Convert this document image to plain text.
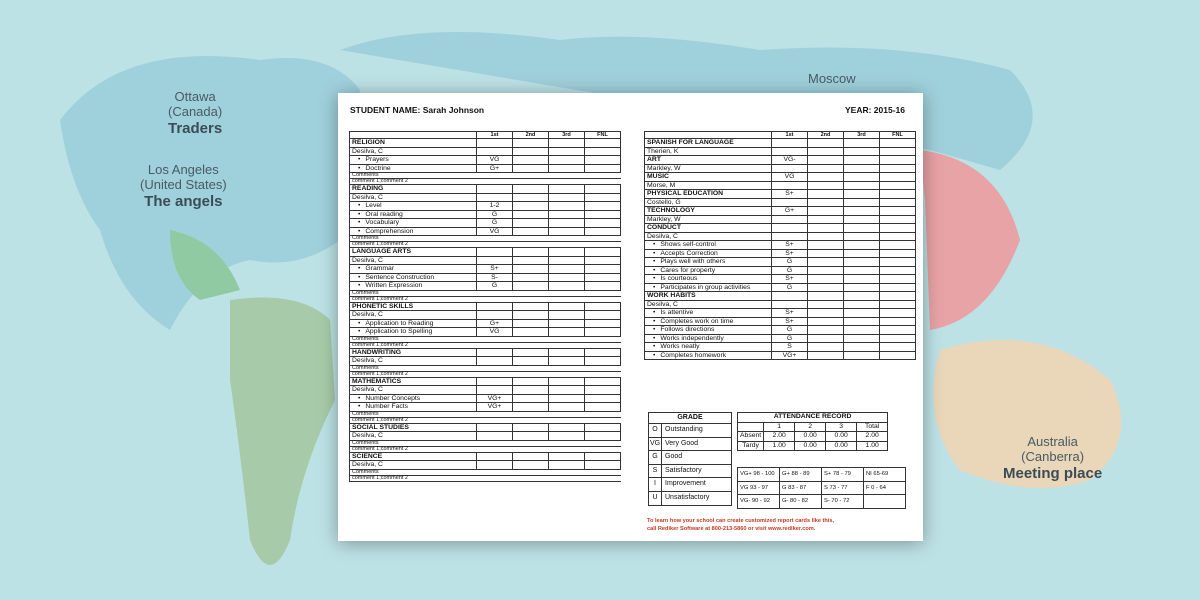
Ottawa
(Canada)
Traders
Los Angeles
(United States)
The angels
Moscow
Australia
(Canberra)
Meeting place
STUDENT NAME: Sarah Johnson	YEAR: 2015-16
	1st	2nd	3rd	FNL
RELIGION				
Desilva, C				
• Prayers	VG			
• Doctrine	G+			
Comments				
comment 1;comment 2				
READING				
Desilva, C				
• Level	1-2			
• Oral reading	G			
• Vocabulary	G			
• Comprehension	VG			
Comments				
comment 1;comment 2				
LANGUAGE ARTS				
Desilva, C				
• Grammar	S+			
• Sentence Construction	S-			
• Written Expression	G			
Comments				
comment 1;comment 2				
PHONETIC SKILLS				
Desilva, C				
• Application to Reading	G+			
• Application to Spelling	VG			
Comments				
comment 1;comment 2				
HANDWRITING				
Desilva, C				
Comments				
comment 1;comment 2				
MATHEMATICS				
Desilva, C				
• Number Concepts	VG+			
• Number Facts	VG+			
Comments				
comment 1;comment 2				
SOCIAL STUDIES				
Desilva, C				
Comments				
comment 1;comment 2				
SCIENCE				
Desilva, C				
Comments				
comment 1;comment 2				
	1st	2nd	3rd	FNL
SPANISH FOR LANGUAGE				
Therien, K				
ART	VG-			
Markley, W				
MUSIC	VG			
Morse, M				
PHYSICAL EDUCATION	S+			
Costello, G				
TECHNOLOGY	G+			
Markley, W				
CONDUCT				
Desilva, C				
• Shows self-control	S+			
• Accepts Correction	S+			
• Plays well with others	G			
• Cares for property	G			
• Is courteous	S+			
• Participates in group activities	G			
WORK HABITS				
Desilva, C				
• Is attentive	S+			
• Completes work on time	S+			
• Follows directions	G			
• Works independently	G			
• Works neatly	S			
• Completes homework	VG+			
GRADE
O	Outstanding
VG Very Good
G	Good
S	Satisfactory
I	Improvement
U	Unsatisfactory
ATTENDANCE RECORD				
	1	2	3	Total
Absent	2.00	0.00	0.00	2.00
Tardy	1.00	0.00	0.00	1.00
VG+ 98 - 100	G+ 88 - 89	S+ 78 - 79	NI 65-69
VG 93 - 97	G 83 - 87	S 73 - 77	F 0 - 64
VG- 90 - 92	G- 80 - 82	S- 70 - 72	
To learn how your school can create customized report cards like this,
call Rediker Software at 800-213-5860 or visit www.rediker.com.
